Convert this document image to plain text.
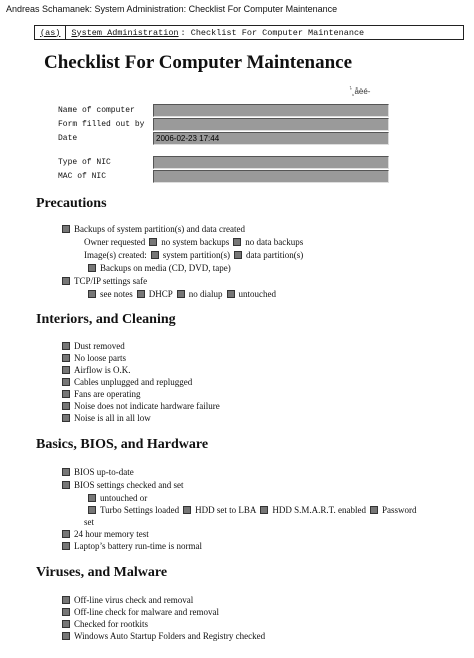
Andreas Schamanek: System Administration: Checklist For Computer Maintenance
(as)	System Administration : Checklist For Computer Maintenance
Checklist For Computer Maintenance
’̀¸åèé‐
Name of computer
Form filled out by
Date	2006-02-23 17:44
Type of NIC
MAC of NIC
Precautions
Backups of system partition(s) and data created
Owner requested no system backups no data backups
Image(s) created: system partition(s) data partition(s)
Backups on media (CD, DVD, tape)
TCP/IP settings safe
see notes DHCP no dialup untouched
Interiors, and Cleaning
Dust removed
No loose parts
Airflow is O.K.
Cables unplugged and replugged
Fans are operating
Noise does not indicate hardware failure
Noise is all in all low
Basics, BIOS, and Hardware
BIOS up-to-date
BIOS settings checked and set
untouched or
Turbo Settings loaded HDD set to LBA HDD S.M.A.R.T. enabled Password
set
24 hour memory test
Laptop’s battery run-time is normal
Viruses, and Malware
Off-line virus check and removal
Off-line check for malware and removal
Checked for rootkits
Windows Auto Startup Folders and Registry checked
